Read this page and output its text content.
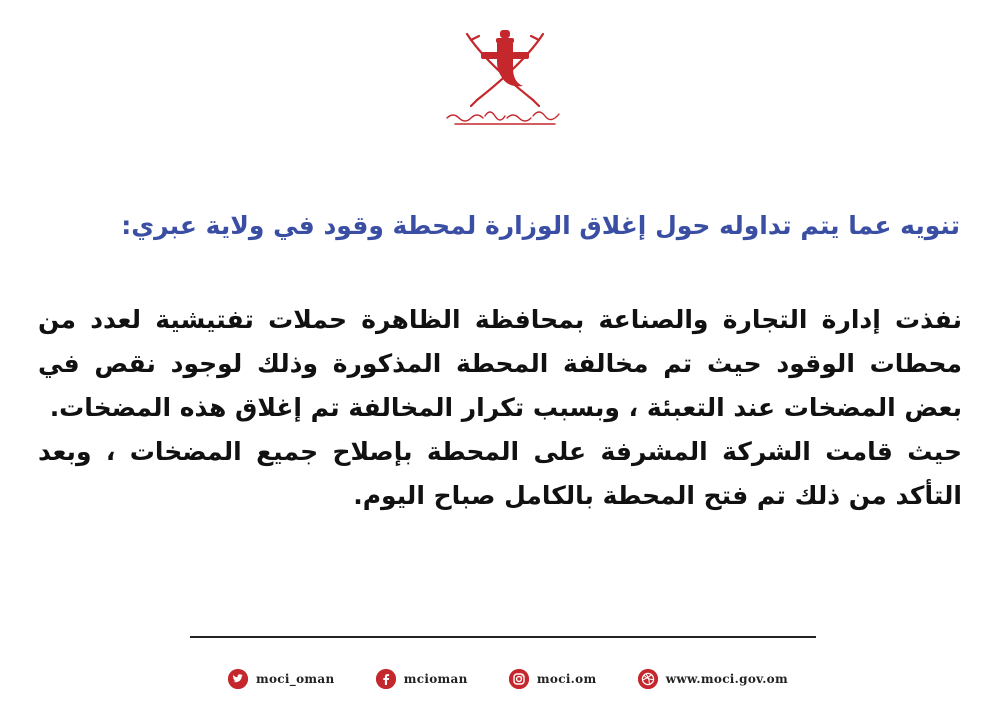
تنويه عما يتم تداوله حول إغلاق الوزارة لمحطة وقود في ولاية عبري:

نفذت إدارة التجارة والصناعة بمحافظة الظاهرة حملات تفتيشية لعدد من محطات الوقود حيث تم مخالفة المحطة المذكورة وذلك لوجود نقص في بعض المضخات عند التعبئة ، وبسبب تكرار المخالفة تم إغلاق هذه المضخات.

حيث قامت الشركة المشرفة على المحطة بإصلاح جميع المضخات ، وبعد التأكد من ذلك تم فتح المحطة بالكامل صباح اليوم.

moci_oman	mcioman	moci.om	www.moci.gov.om
